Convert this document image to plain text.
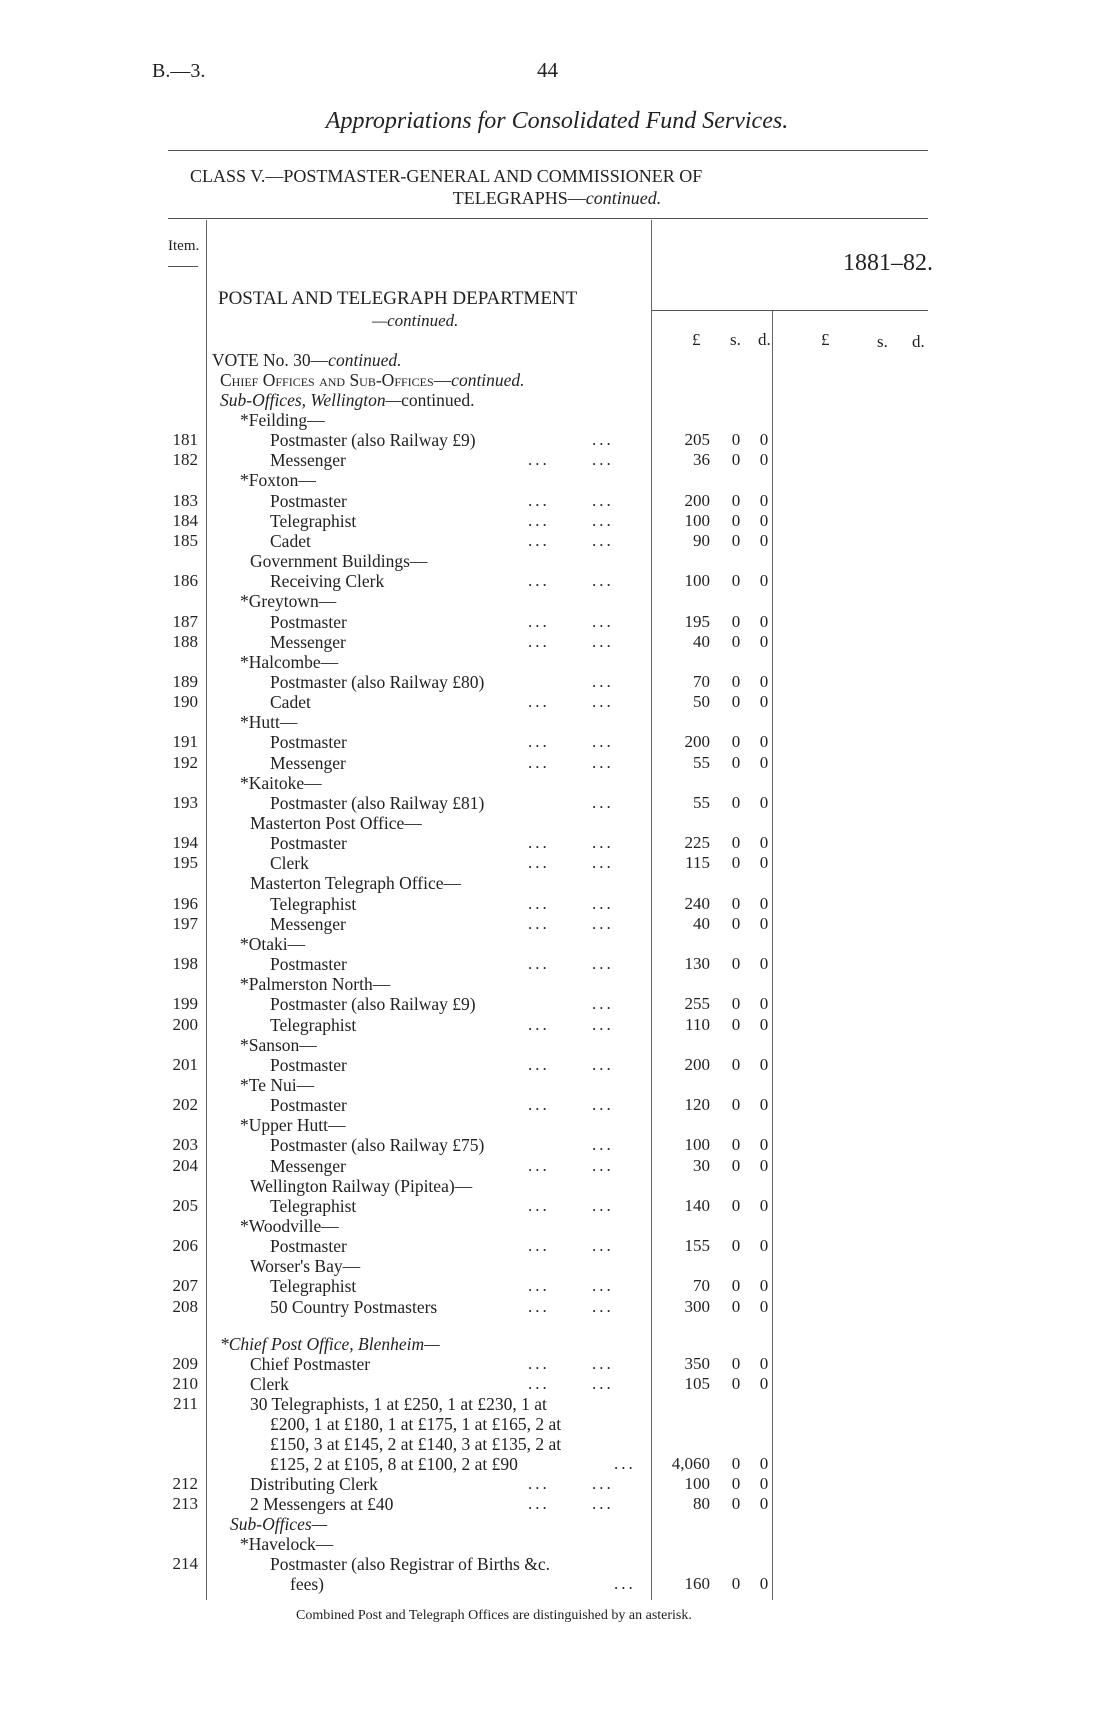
B.—3.	44
Appropriations for Consolidated Fund Services.
CLASS V.—POSTMASTER-GENERAL AND COMMISSIONER OF
TELEGRAPHS—continued.
Item.
1881–82.
POSTAL AND TELEGRAPH DEPARTMENT
—continued.
£ s. d.	£	s. d.
VOTE No. 30—continued.
Chief Offices and Sub-Offices—continued.
Sub-Offices, Wellington—continued.
*Feilding—
181	Postmaster (also Railway £9)	...	205 0 0
182	Messenger	... ...	36 0 0
*Foxton—
183	Postmaster	... ...	200 0 0
184	Telegraphist	... ...	100 0 0
185	Cadet	... ...	90 0 0
Government Buildings—
186	Receiving Clerk	... ...	100 0 0
*Greytown—
187	Postmaster	... ...	195 0 0
188	Messenger	... ...	40 0 0
*Halcombe—
189	Postmaster (also Railway £80)	...	70 0 0
190	Cadet	... ...	50 0 0
*Hutt—
191	Postmaster	... ...	200 0 0
192	Messenger	... ...	55 0 0
*Kaitoke—
193	Postmaster (also Railway £81)	...	55 0 0
Masterton Post Office—
194	Postmaster	... ...	225 0 0
195	Clerk	... ...	115 0 0
Masterton Telegraph Office—
196	Telegraphist	... ...	240 0 0
197	Messenger	... ...	40 0 0
*Otaki—
198	Postmaster	... ...	130 0 0
*Palmerston North—
199	Postmaster (also Railway £9)	...	255 0 0
200	Telegraphist	... ...	110 0 0
*Sanson—
201	Postmaster	... ...	200 0 0
*Te Nui—
202	Postmaster	... ...	120 0 0
*Upper Hutt—
203	Postmaster (also Railway £75)	...	100 0 0
204	Messenger	... ...	30 0 0
Wellington Railway (Pipitea)—
205	Telegraphist	... ...	140 0 0
*Woodville—
206	Postmaster	... ...	155 0 0
Worser's Bay—
207	Telegraphist	... ...	70 0 0
208	50 Country Postmasters	... ...	300 0 0
*Chief Post Office, Blenheim—
209	Chief Postmaster	... ...	350 0 0
210	Clerk	... ...	105 0 0
211	30 Telegraphists, 1 at £250, 1 at £230, 1 at
£200, 1 at £180, 1 at £175, 1 at £165, 2 at
£150, 3 at £145, 2 at £140, 3 at £135, 2 at
£125, 2 at £105, 8 at £100, 2 at £90	...	4,060 0 0
212	Distributing Clerk	... ...	100 0 0
213	2 Messengers at £40	... ...	80 0 0
Sub-Offices—
*Havelock—
214	Postmaster (also Registrar of Births &c.
fees)	...	160 0 0
Combined Post and Telegraph Offices are distinguished by an asterisk.
